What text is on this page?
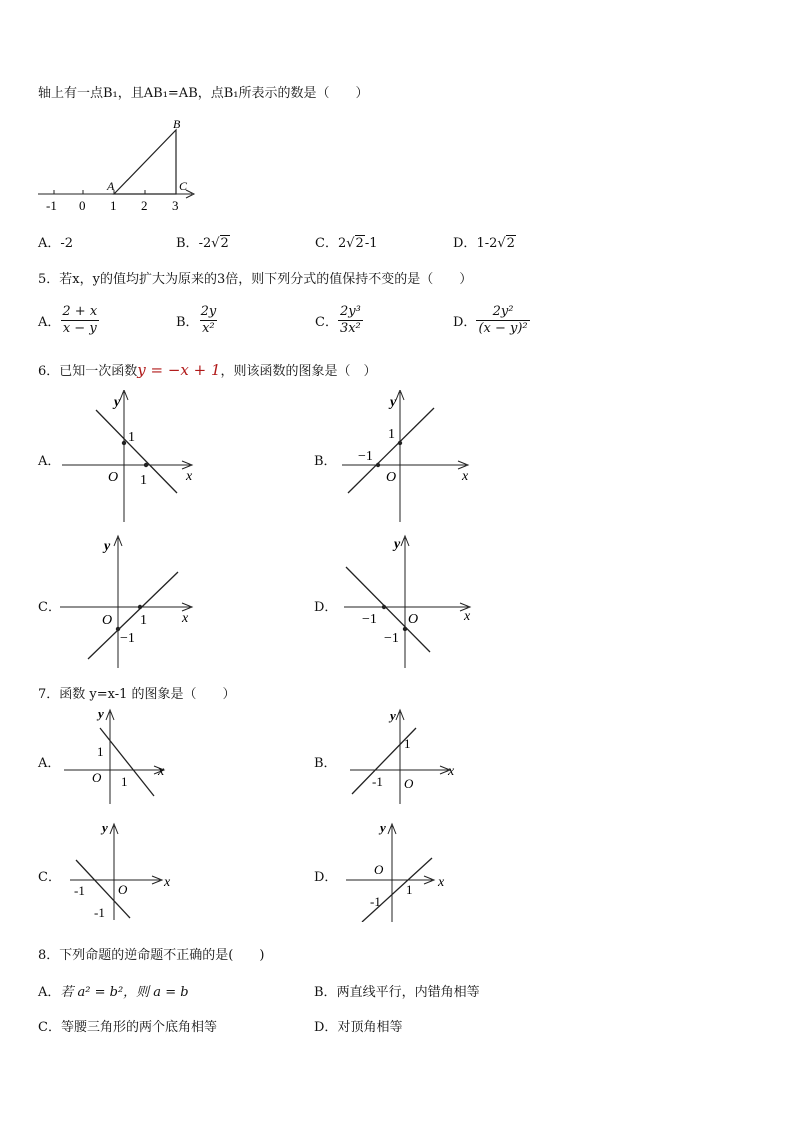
轴上有一点B₁，且AB₁=AB，点B₁所表示的数是（　　）
-1 0 1 2 3
A
B
C
A．-2	B．-2√2	C．2√2-1	D．1-2√2
5．若x，y的值均扩大为原来的3倍，则下列分式的值保持不变的是（　　）
A． $\frac{2 + x}{x - y}$	B． $\frac{2y}{\text{x²}}$	C． $\frac{\text{2y³}}{\text{3x²}}$	D． $\frac{\text{2y²}}{\text{(x − y)²}}$
6．已知一次函数y = −x + 1，则该函数的图象是（　）
A．	B．
C．	D．
y
x
O
1
1
y
x
O
1
−1
y
x
O 1
−1
y
x
O
−1
−1
7．函数 y=x-1 的图象是（　　）
A．	B．
C．	D．
y
x
O
1
1
y
x
O
1
-1
y
x
O
-1
-1
y
x
O
1
-1
8．下列命题的逆命题不正确的是(　　)
A．若 a² = b²，则 a = b	B．两直线平行，内错角相等
C．等腰三角形的两个底角相等	D．对顶角相等
